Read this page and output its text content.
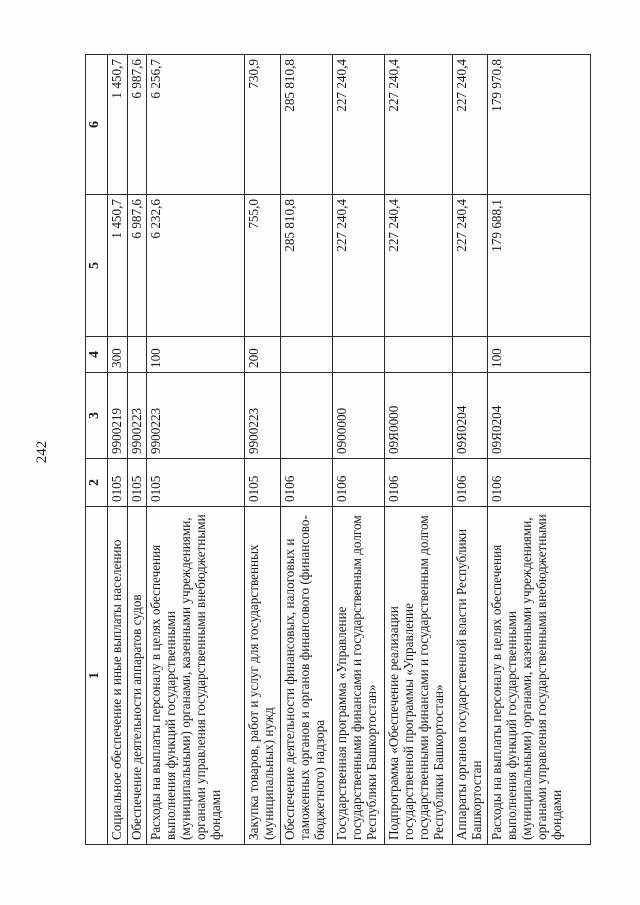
242
1	2	3	4	5	6
Социальное обеспечение и иные выплаты населению	0105	9900219	300	1 450,7	1 450,7
Обеспечение деятельности аппаратов судов	0105	9900223		6 987,6	6 987,6
Расходы на выплаты персоналу в целях обеспечения выполнения функций государственными (муниципальными) органами, казенными учреждениями, органами управления государственными внебюджетными фондами	0105	9900223	100	6 232,6	6 256,7
Закупка товаров, работ и услуг для государственных (муниципальных) нужд	0105	9900223	200	755,0	730,9
Обеспечение деятельности финансовых, налоговых и таможенных органов и органов финансового (финансово-бюджетного) надзора	0106			285 810,8	285 810,8
Государственная программа «Управление государственными финансами и государственным долгом Республики Башкортостан»	0106	0900000		227 240,4	227 240,4
Подпрограмма «Обеспечение реализации государственной программы «Управление государственными финансами и государственным долгом Республики Башкортостан»	0106	09Я0000		227 240,4	227 240,4
Аппараты органов государственной власти Республики Башкортостан	0106	09Я0204		227 240,4	227 240,4
Расходы на выплаты персоналу в целях обеспечения выполнения функций государственными (муниципальными) органами, казенными учреждениями, органами управления государственными внебюджетными фондами	0106	09Я0204	100	179 688,1	179 970,8
